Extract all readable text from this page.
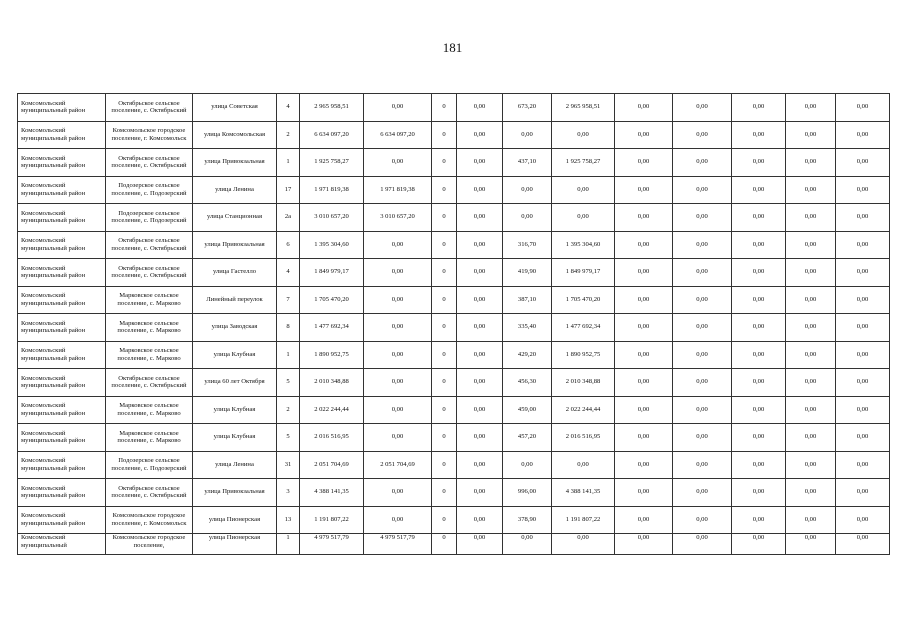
181
Комсомольский муниципальный район	Октябрьское сельское поселение, с. Октябрьский	улица Советская	4	2 965 958,51	0,00	0	0,00	673,20	2 965 958,51	0,00	0,00	0,00	0,00	0,00
Комсомольский муниципальный район	Комсомольское городское поселение, г. Комсомольск	улица Комсомольская	2	6 634 097,20	6 634 097,20	0	0,00	0,00	0,00	0,00	0,00	0,00	0,00	0,00
Комсомольский муниципальный район	Октябрьское сельское поселение, с. Октябрьский	улица Привокзальная	1	1 925 758,27	0,00	0	0,00	437,10	1 925 758,27	0,00	0,00	0,00	0,00	0,00
Комсомольский муниципальный район	Подозерское сельское поселение, с. Подозерский	улица Ленина	17	1 971 819,38	1 971 819,38	0	0,00	0,00	0,00	0,00	0,00	0,00	0,00	0,00
Комсомольский муниципальный район	Подозерское сельское поселение, с. Подозерский	улица Станционная	2а	3 010 657,20	3 010 657,20	0	0,00	0,00	0,00	0,00	0,00	0,00	0,00	0,00
Комсомольский муниципальный район	Октябрьское сельское поселение, с. Октябрьский	улица Привокзальная	6	1 395 304,60	0,00	0	0,00	316,70	1 395 304,60	0,00	0,00	0,00	0,00	0,00
Комсомольский муниципальный район	Октябрьское сельское поселение, с. Октябрьский	улица Гастелло	4	1 849 979,17	0,00	0	0,00	419,90	1 849 979,17	0,00	0,00	0,00	0,00	0,00
Комсомольский муниципальный район	Марковское сельское поселение, с. Марково	Линейный переулок	7	1 705 470,20	0,00	0	0,00	387,10	1 705 470,20	0,00	0,00	0,00	0,00	0,00
Комсомольский муниципальный район	Марковское сельское поселение, с. Марково	улица Заводская	8	1 477 692,34	0,00	0	0,00	335,40	1 477 692,34	0,00	0,00	0,00	0,00	0,00
Комсомольский муниципальный район	Марковское сельское поселение, с. Марково	улица Клубная	1	1 890 952,75	0,00	0	0,00	429,20	1 890 952,75	0,00	0,00	0,00	0,00	0,00
Комсомольский муниципальный район	Октябрьское сельское поселение, с. Октябрьский	улица 60 лет Октября	5	2 010 348,88	0,00	0	0,00	456,30	2 010 348,88	0,00	0,00	0,00	0,00	0,00
Комсомольский муниципальный район	Марковское сельское поселение, с. Марково	улица Клубная	2	2 022 244,44	0,00	0	0,00	459,00	2 022 244,44	0,00	0,00	0,00	0,00	0,00
Комсомольский муниципальный район	Марковское сельское поселение, с. Марково	улица Клубная	5	2 016 516,95	0,00	0	0,00	457,20	2 016 516,95	0,00	0,00	0,00	0,00	0,00
Комсомольский муниципальный район	Подозерское сельское поселение, с. Подозерский	улица Ленина	31	2 051 704,69	2 051 704,69	0	0,00	0,00	0,00	0,00	0,00	0,00	0,00	0,00
Комсомольский муниципальный район	Октябрьское сельское поселение, с. Октябрьский	улица Привокзальная	3	4 388 141,35	0,00	0	0,00	996,00	4 388 141,35	0,00	0,00	0,00	0,00	0,00
Комсомольский муниципальный район	Комсомольское городское поселение, г. Комсомольск	улица Пионерская	13	1 191 807,22	0,00	0	0,00	378,90	1 191 807,22	0,00	0,00	0,00	0,00	0,00
Комсомольский муниципальный	Комсомольское городское поселение,	улица Пионерская	1	4 979 517,79	4 979 517,79	0	0,00	0,00	0,00	0,00	0,00	0,00	0,00	0,00
